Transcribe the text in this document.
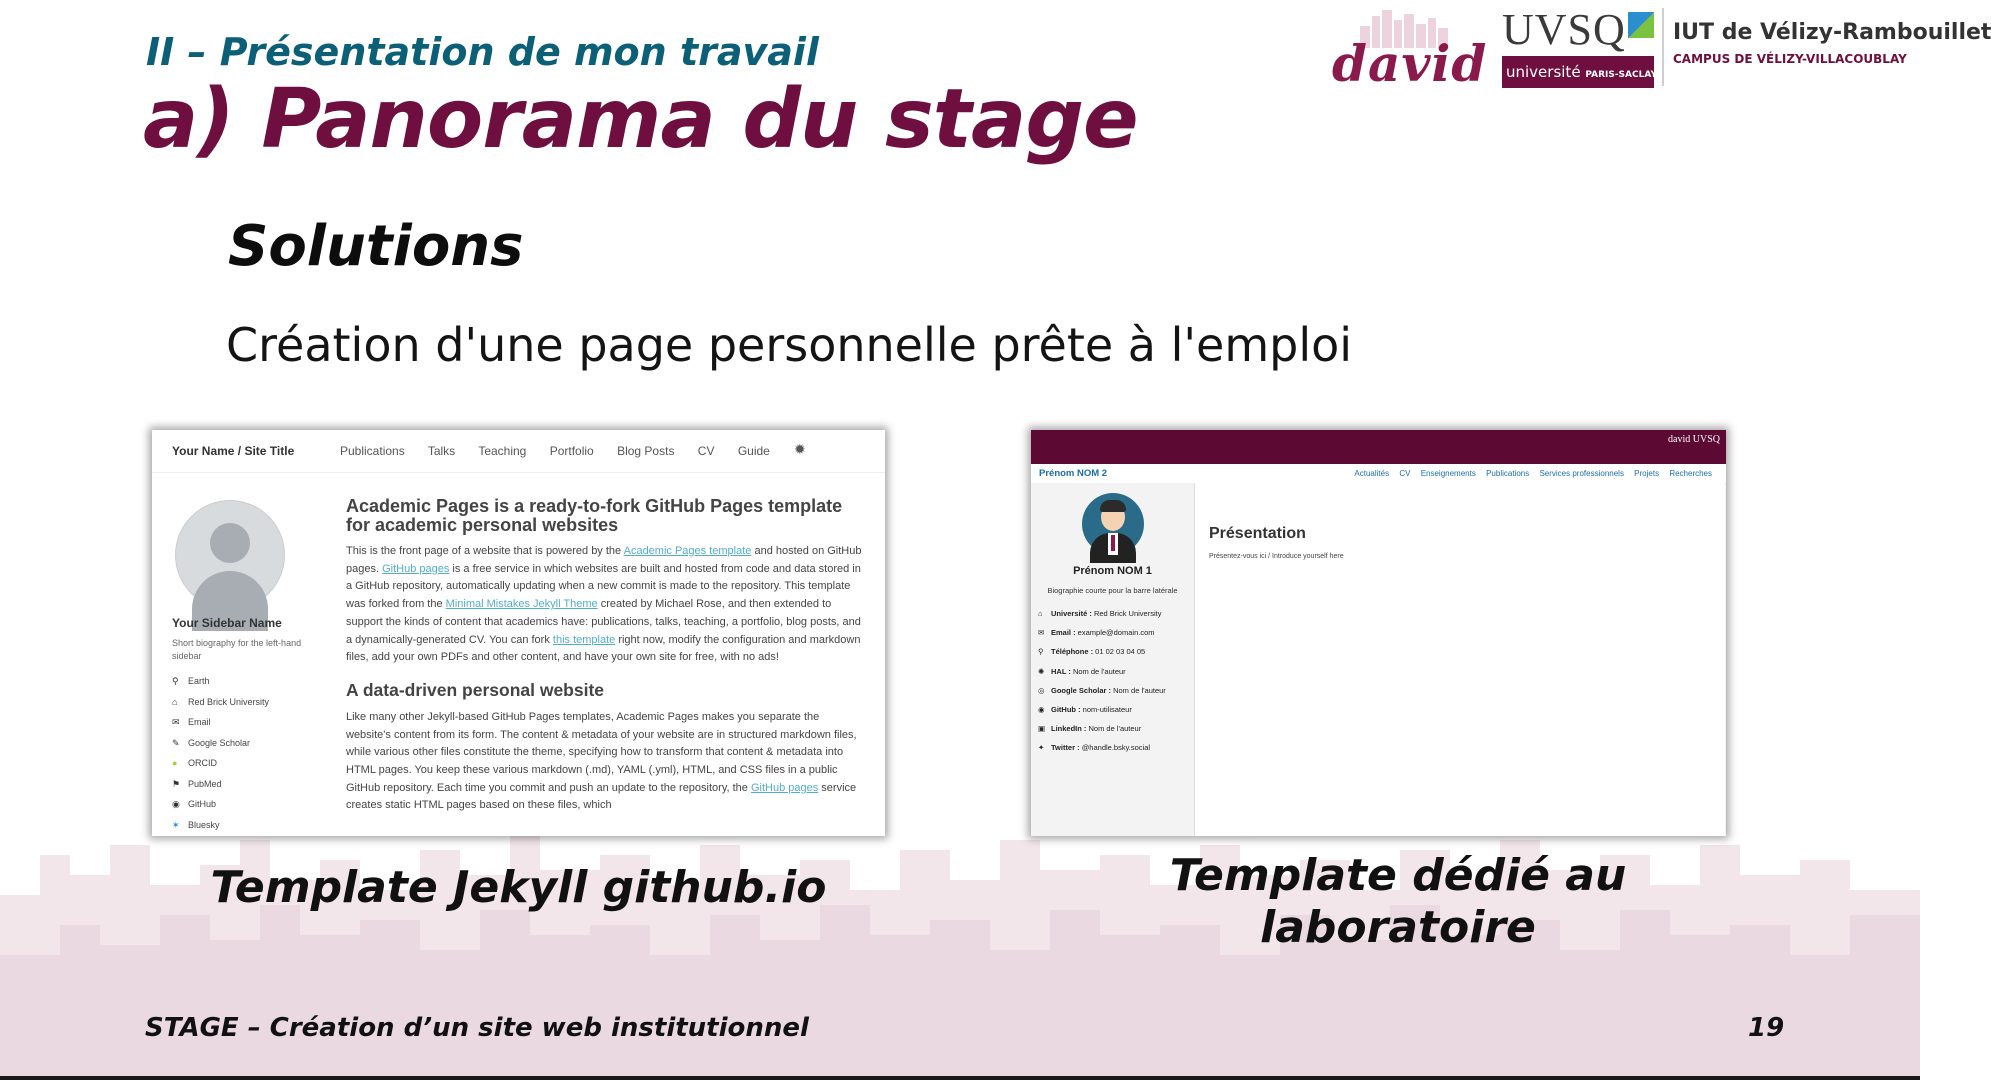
II – Présentation de mon travail
a) Panorama du stage
david
UVSQ
université PARIS-SACLAY
IUT de Vélizy-Rambouillet
CAMPUS DE VÉLIZY-VILLACOUBLAY
Solutions
Création d'une page personnelle prête à l'emploi
Your Name / Site Title	Publications Talks Teaching Portfolio Blog Posts CV Guide	✹
Your Sidebar Name
Short biography for the left-hand sidebar
⚲ Earth
⌂ Red Brick University
✉ Email
✎ Google Scholar
● ORCID
⚑ PubMed
◉ GitHub
✶ Bluesky
Academic Pages is a ready-to-fork GitHub Pages template for academic personal websites

This is the front page of a website that is powered by the Academic Pages template and hosted on GitHub pages. GitHub pages is a free service in which websites are built and hosted from code and data stored in a GitHub repository, automatically updating when a new commit is made to the repository. This template was forked from the Minimal Mistakes Jekyll Theme created by Michael Rose, and then extended to support the kinds of content that academics have: publications, talks, teaching, a portfolio, blog posts, and a dynamically-generated CV. You can fork this template right now, modify the configuration and markdown files, add your own PDFs and other content, and have your own site for free, with no ads!

A data-driven personal website

Like many other Jekyll-based GitHub Pages templates, Academic Pages makes you separate the website's content from its form. The content & metadata of your website are in structured markdown files, while various other files constitute the theme, specifying how to transform that content & metadata into HTML pages. You keep these various markdown (.md), YAML (.yml), HTML, and CSS files in a public GitHub repository. Each time you commit and push an update to the repository, the GitHub pages service creates static HTML pages based on these files, which

david UVSQ
Prénom NOM 2	Actualités CV Enseignements Publications Services professionnels Projets Recherches
Prénom NOM 1
Biographie courte pour la barre latérale
⌂ Université : Red Brick University
✉ Email : example@domain.com
⚲ Téléphone : 01 02 03 04 05
✺ HAL : Nom de l'auteur
◎ Google Scholar : Nom de l'auteur
◉ GitHub : nom-utilisateur
▣ LinkedIn : Nom de l'auteur
✦ Twitter : @handle.bsky.social
Présentation
Présentez-vous ici / Introduce yourself here
Template Jekyll github.io	Template dédié au
laboratoire
STAGE – Création d’un site web institutionnel	19
